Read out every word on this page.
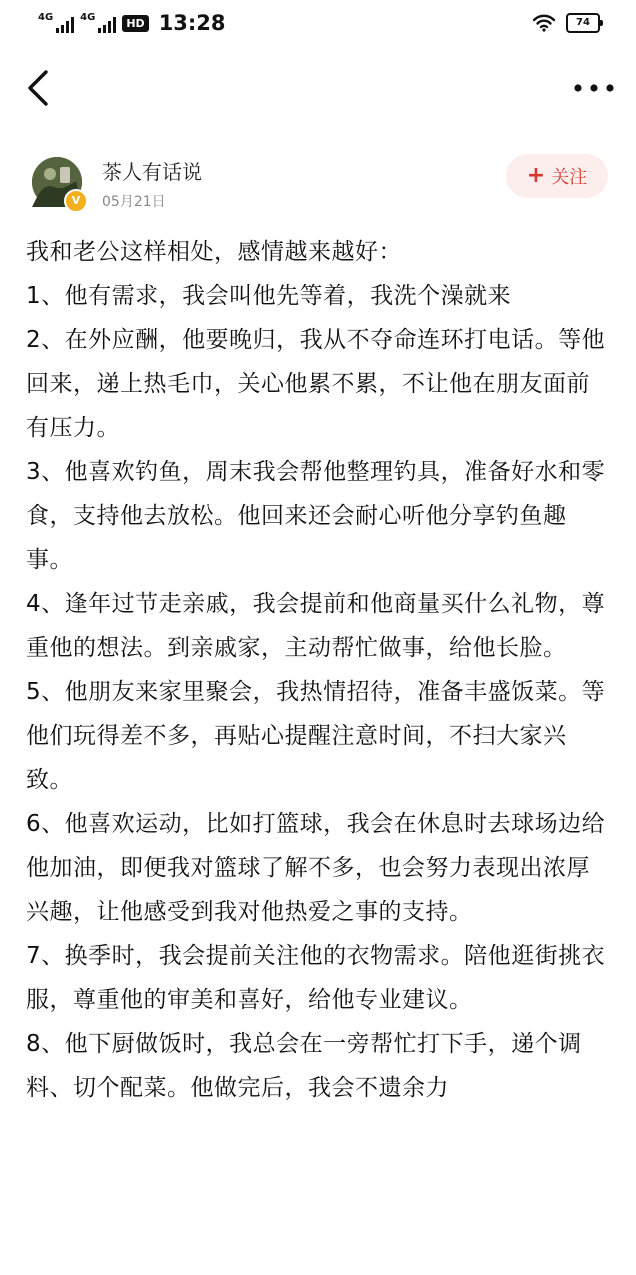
4G	4G	HD 13:28	74
V
茶人有话说
05月21日
+ 关注

我和老公这样相处，感情越来越好：

1、他有需求，我会叫他先等着，我洗个澡就来

2、在外应酬，他要晚归，我从不夺命连环打电话。等他回来，递上热毛巾，关心他累不累，不让他在朋友面前有压力。

3、他喜欢钓鱼，周末我会帮他整理钓具，准备好水和零食，支持他去放松。他回来还会耐心听他分享钓鱼趣事。

4、逢年过节走亲戚，我会提前和他商量买什么礼物，尊重他的想法。到亲戚家，主动帮忙做事，给他长脸。

5、他朋友来家里聚会，我热情招待，准备丰盛饭菜。等他们玩得差不多，再贴心提醒注意时间，不扫大家兴致。

6、他喜欢运动，比如打篮球，我会在休息时去球场边给他加油，即便我对篮球了解不多，也会努力表现出浓厚兴趣，让他感受到我对他热爱之事的支持。

7、换季时，我会提前关注他的衣物需求。陪他逛街挑衣服，尊重他的审美和喜好，给他专业建议。

8、他下厨做饭时，我总会在一旁帮忙打下手，递个调料、切个配菜。他做完后，我会不遗余力
